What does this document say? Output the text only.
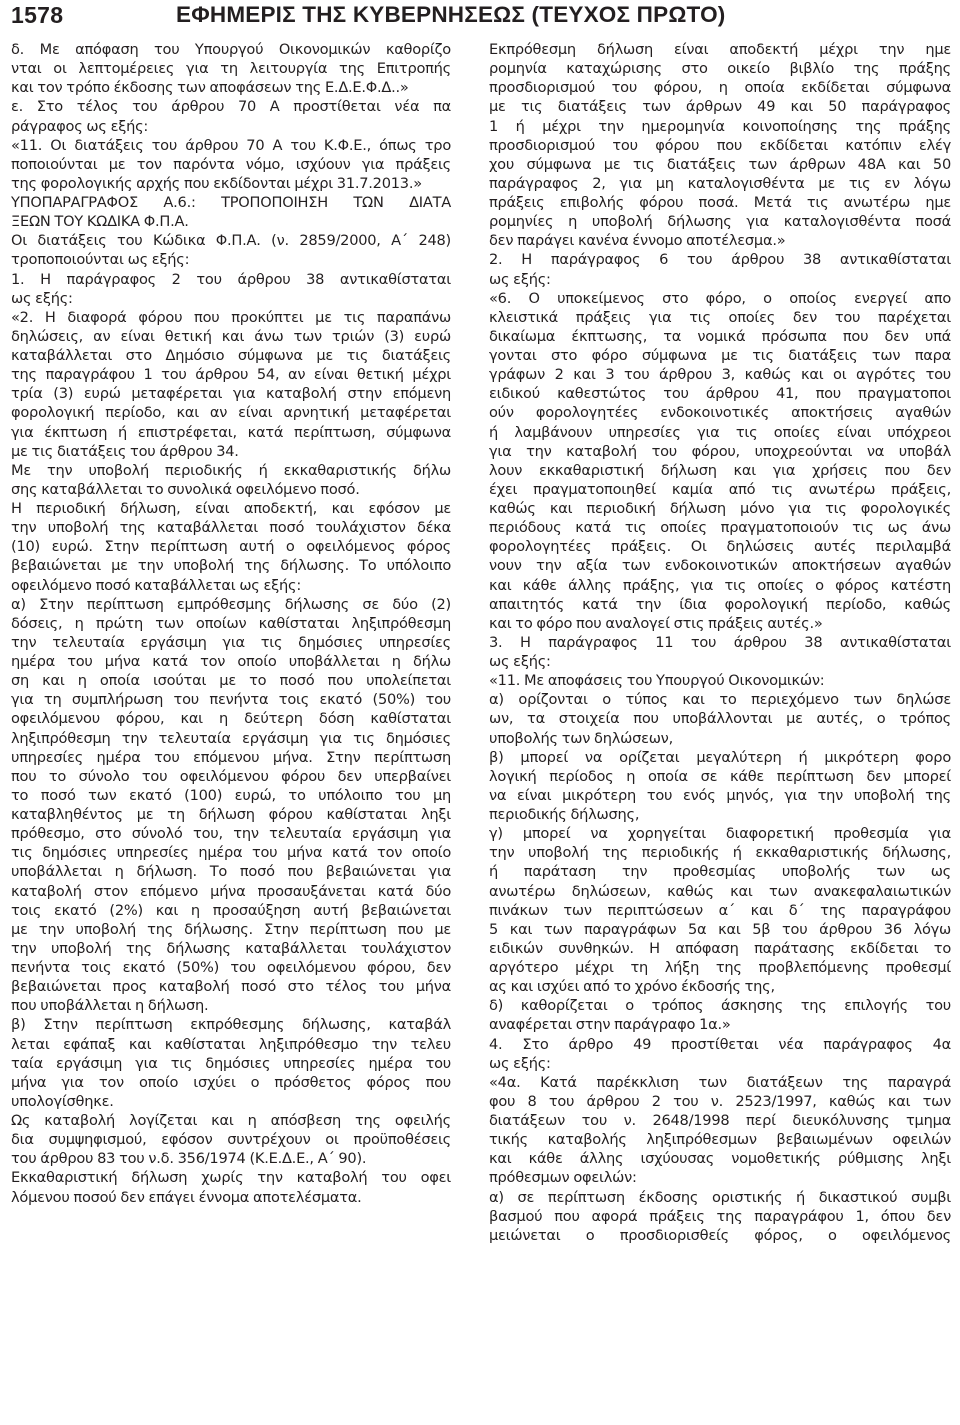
1578	ΕΦΗΜΕΡΙΣ ΤΗΣ ΚΥΒΕΡΝΗΣΕΩΣ (ΤΕΥΧΟΣ ΠΡΩΤΟ)

δ. Με απόφαση του Υπουργού Οικονομικών καθορίζο

νται οι λεπτομέρειες για τη λειτουργία της Επιτροπής

και τον τρόπο έκδοσης των αποφάσεων της Ε.Δ.Ε.Φ.Δ..»

ε. Στο τέλος του άρθρου 70 Α προστίθεται νέα πα

ράγραφος ως εξής:

«11. Οι διατάξεις του άρθρου 70 Α του Κ.Φ.Ε., όπως τρο

ποποιούνται με τον παρόντα νόμο, ισχύουν για πράξεις

της φορολογικής αρχής που εκδίδονται μέχρι 31.7.2013.»

ΥΠΟΠΑΡΑΓΡΑΦΟΣ Α.6.: ΤΡΟΠΟΠΟΙΗΣΗ ΤΩΝ ΔΙΑΤΑ

ΞΕΩΝ ΤΟΥ ΚΩΔΙΚΑ Φ.Π.Α.

Οι διατάξεις του Κώδικα Φ.Π.Α. (ν. 2859/2000, Α΄ 248)

τροποποιούνται ως εξής:

1. Η παράγραφος 2 του άρθρου 38 αντικαθίσταται

ως εξής:

«2. Η διαφορά φόρου που προκύπτει με τις παραπάνω

δηλώσεις, αν είναι θετική και άνω των τριών (3) ευρώ

καταβάλλεται στο Δημόσιο σύμφωνα με τις διατάξεις

της παραγράφου 1 του άρθρου 54, αν είναι θετική μέχρι

τρία (3) ευρώ μεταφέρεται για καταβολή στην επόμενη

φορολογική περίοδο, και αν είναι αρνητική μεταφέρεται

για έκπτωση ή επιστρέφεται, κατά περίπτωση, σύμφωνα

με τις διατάξεις του άρθρου 34.

Με την υποβολή περιοδικής ή εκκαθαριστικής δήλω

σης καταβάλλεται το συνολικά οφειλόμενο ποσό.

Η περιοδική δήλωση, είναι αποδεκτή, και εφόσον με

την υποβολή της καταβάλλεται ποσό τουλάχιστον δέκα

(10) ευρώ. Στην περίπτωση αυτή ο οφειλόμενος φόρος

βεβαιώνεται με την υποβολή της δήλωσης. Το υπόλοιπο

οφειλόμενο ποσό καταβάλλεται ως εξής:

α) Στην περίπτωση εμπρόθεσμης δήλωσης σε δύο (2)

δόσεις, η πρώτη των οποίων καθίσταται ληξιπρόθεσμη

την τελευταία εργάσιμη για τις δημόσιες υπηρεσίες

ημέρα του μήνα κατά τον οποίο υποβάλλεται η δήλω

ση και η οποία ισούται με το ποσό που υπολείπεται

για τη συμπλήρωση του πενήντα τοις εκατό (50%) του

οφειλόμενου φόρου, και η δεύτερη δόση καθίσταται

ληξιπρόθεσμη την τελευταία εργάσιμη για τις δημόσιες

υπηρεσίες ημέρα του επόμενου μήνα. Στην περίπτωση

που το σύνολο του οφειλόμενου φόρου δεν υπερβαίνει

το ποσό των εκατό (100) ευρώ, το υπόλοιπο του μη

καταβληθέντος με τη δήλωση φόρου καθίσταται ληξι

πρόθεσμο, στο σύνολό του, την τελευταία εργάσιμη για

τις δημόσιες υπηρεσίες ημέρα του μήνα κατά τον οποίο

υποβάλλεται η δήλωση. Το ποσό που βεβαιώνεται για

καταβολή στον επόμενο μήνα προσαυξάνεται κατά δύο

τοις εκατό (2%) και η προσαύξηση αυτή βεβαιώνεται

με την υποβολή της δήλωσης. Στην περίπτωση που με

την υποβολή της δήλωσης καταβάλλεται τουλάχιστον

πενήντα τοις εκατό (50%) του οφειλόμενου φόρου, δεν

βεβαιώνεται προς καταβολή ποσό στο τέλος του μήνα

που υποβάλλεται η δήλωση.

β) Στην περίπτωση εκπρόθεσμης δήλωσης, καταβάλ

λεται εφάπαξ και καθίσταται ληξιπρόθεσμο την τελευ

ταία εργάσιμη για τις δημόσιες υπηρεσίες ημέρα του

μήνα για τον οποίο ισχύει ο πρόσθετος φόρος που

υπολογίσθηκε.

Ως καταβολή λογίζεται και η απόσβεση της οφειλής

δια συμψηφισμού, εφόσον συντρέχουν οι προϋποθέσεις

του άρθρου 83 του ν.δ. 356/1974 (Κ.Ε.Δ.Ε., Α΄ 90).

Εκκαθαριστική δήλωση χωρίς την καταβολή του οφει

λόμενου ποσού δεν επάγει έννομα αποτελέσματα.

Εκπρόθεσμη δήλωση είναι αποδεκτή μέχρι την ημε

ρομηνία καταχώρισης στο οικείο βιβλίο της πράξης

προσδιορισμού του φόρου, η οποία εκδίδεται σύμφωνα

με τις διατάξεις των άρθρων 49 και 50 παράγραφος

1 ή μέχρι την ημερομηνία κοινοποίησης της πράξης

προσδιορισμού του φόρου που εκδίδεται κατόπιν ελέγ

χου σύμφωνα με τις διατάξεις των άρθρων 48Α και 50

παράγραφος 2, για μη καταλογισθέντα με τις εν λόγω

πράξεις επιβολής φόρου ποσά. Μετά τις ανωτέρω ημε

ρομηνίες η υποβολή δήλωσης για καταλογισθέντα ποσά

δεν παράγει κανένα έννομο αποτέλεσμα.»

2. Η παράγραφος 6 του άρθρου 38 αντικαθίσταται

ως εξής:

«6. Ο υποκείμενος στο φόρο, ο οποίος ενεργεί απο

κλειστικά πράξεις για τις οποίες δεν του παρέχεται

δικαίωμα έκπτωσης, τα νομικά πρόσωπα που δεν υπά

γονται στο φόρο σύμφωνα με τις διατάξεις των παρα

γράφων 2 και 3 του άρθρου 3, καθώς και οι αγρότες του

ειδικού καθεστώτος του άρθρου 41, που πραγματοποι

ούν φορολογητέες ενδοκοινοτικές αποκτήσεις αγαθών

ή λαμβάνουν υπηρεσίες για τις οποίες είναι υπόχρεοι

για την καταβολή του φόρου, υποχρεούνται να υποβάλ

λουν εκκαθαριστική δήλωση και για χρήσεις που δεν

έχει πραγματοποιηθεί καμία από τις ανωτέρω πράξεις,

καθώς και περιοδική δήλωση μόνο για τις φορολογικές

περιόδους κατά τις οποίες πραγματοποιούν τις ως άνω

φορολογητέες πράξεις. Οι δηλώσεις αυτές περιλαμβά

νουν την αξία των ενδοκοινοτικών αποκτήσεων αγαθών

και κάθε άλλης πράξης, για τις οποίες ο φόρος κατέστη

απαιτητός κατά την ίδια φορολογική περίοδο, καθώς

και το φόρο που αναλογεί στις πράξεις αυτές.»

3. Η παράγραφος 11 του άρθρου 38 αντικαθίσταται

ως εξής:

«11. Με αποφάσεις του Υπουργού Οικονομικών:

α) ορίζονται ο τύπος και το περιεχόμενο των δηλώσε

ων, τα στοιχεία που υποβάλλονται με αυτές, ο τρόπος

υποβολής των δηλώσεων,

β) μπορεί να ορίζεται μεγαλύτερη ή μικρότερη φορο

λογική περίοδος η οποία σε κάθε περίπτωση δεν μπορεί

να είναι μικρότερη του ενός μηνός, για την υποβολή της

περιοδικής δήλωσης,

γ) μπορεί να χορηγείται διαφορετική προθεσμία για

την υποβολή της περιοδικής ή εκκαθαριστικής δήλωσης,

ή παράταση την προθεσμίας υποβολής των ως

ανωτέρω δηλώσεων, καθώς και των ανακεφαλαιωτικών

πινάκων των περιπτώσεων α΄ και δ΄ της παραγράφου

5 και των παραγράφων 5α και 5β του άρθρου 36 λόγω

ειδικών συνθηκών. Η απόφαση παράτασης εκδίδεται το

αργότερο μέχρι τη λήξη της προβλεπόμενης προθεσμί

ας και ισχύει από το χρόνο έκδοσής της,

δ) καθορίζεται ο τρόπος άσκησης της επιλογής του

αναφέρεται στην παράγραφο 1α.»

4. Στο άρθρο 49 προστίθεται νέα παράγραφος 4α

ως εξής:

«4α. Κατά παρέκκλιση των διατάξεων της παραγρά

φου 8 του άρθρου 2 του ν. 2523/1997, καθώς και των

διατάξεων του ν. 2648/1998 περί διευκόλυνσης τμημα

τικής καταβολής ληξιπρόθεσμων βεβαιωμένων οφειλών

και κάθε άλλης ισχύουσας νομοθετικής ρύθμισης ληξι

πρόθεσμων οφειλών:

α) σε περίπτωση έκδοσης οριστικής ή δικαστικού συμβι

βασμού που αφορά πράξεις της παραγράφου 1, όπου δεν

μειώνεται ο προσδιορισθείς φόρος, ο οφειλόμενος
